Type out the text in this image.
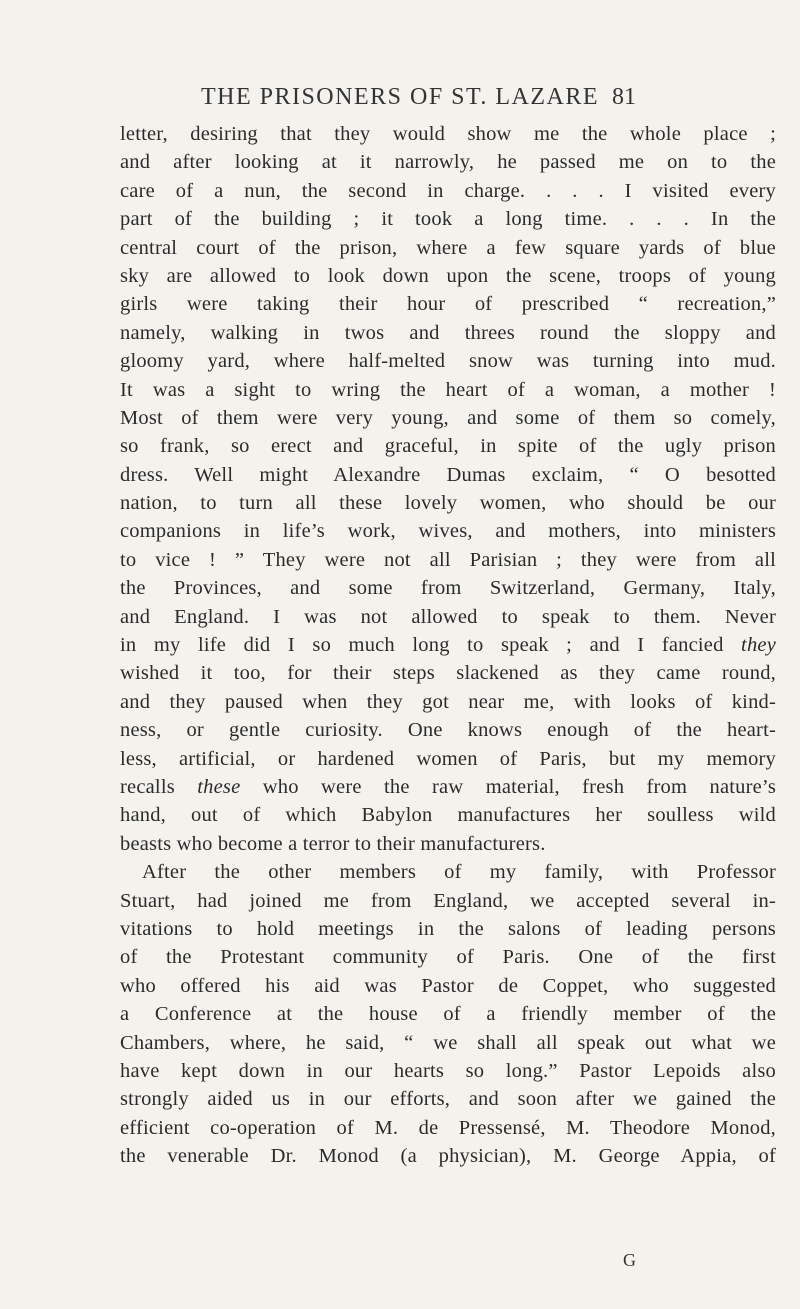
THE PRISONERS OF ST. LAZARE 81
letter, desiring that they would show me the whole place ;
and after looking at it narrowly, he passed me on to the
care of a nun, the second in charge. . . . I visited every
part of the building ; it took a long time. . . . In the
central court of the prison, where a few square yards of blue
sky are allowed to look down upon the scene, troops of young
girls were taking their hour of prescribed “ recreation,”
namely, walking in twos and threes round the sloppy and
gloomy yard, where half-melted snow was turning into mud.
It was a sight to wring the heart of a woman, a mother !
Most of them were very young, and some of them so comely,
so frank, so erect and graceful, in spite of the ugly prison
dress. Well might Alexandre Dumas exclaim, “ O besotted
nation, to turn all these lovely women, who should be our
companions in life’s work, wives, and mothers, into ministers
to vice ! ” They were not all Parisian ; they were from all
the Provinces, and some from Switzerland, Germany, Italy,
and England. I was not allowed to speak to them. Never
in my life did I so much long to speak ; and I fancied they
wished it too, for their steps slackened as they came round,
and they paused when they got near me, with looks of kind-
ness, or gentle curiosity. One knows enough of the heart-
less, artificial, or hardened women of Paris, but my memory
recalls these who were the raw material, fresh from nature’s
hand, out of which Babylon manufactures her soulless wild
beasts who become a terror to their manufacturers.
After the other members of my family, with Professor
Stuart, had joined me from England, we accepted several in-
vitations to hold meetings in the salons of leading persons
of the Protestant community of Paris. One of the first
who offered his aid was Pastor de Coppet, who suggested
a Conference at the house of a friendly member of the
Chambers, where, he said, “ we shall all speak out what we
have kept down in our hearts so long.” Pastor Lepoids also
strongly aided us in our efforts, and soon after we gained the
efficient co-operation of M. de Pressensé, M. Theodore Monod,
the venerable Dr. Monod (a physician), M. George Appia, of
G
